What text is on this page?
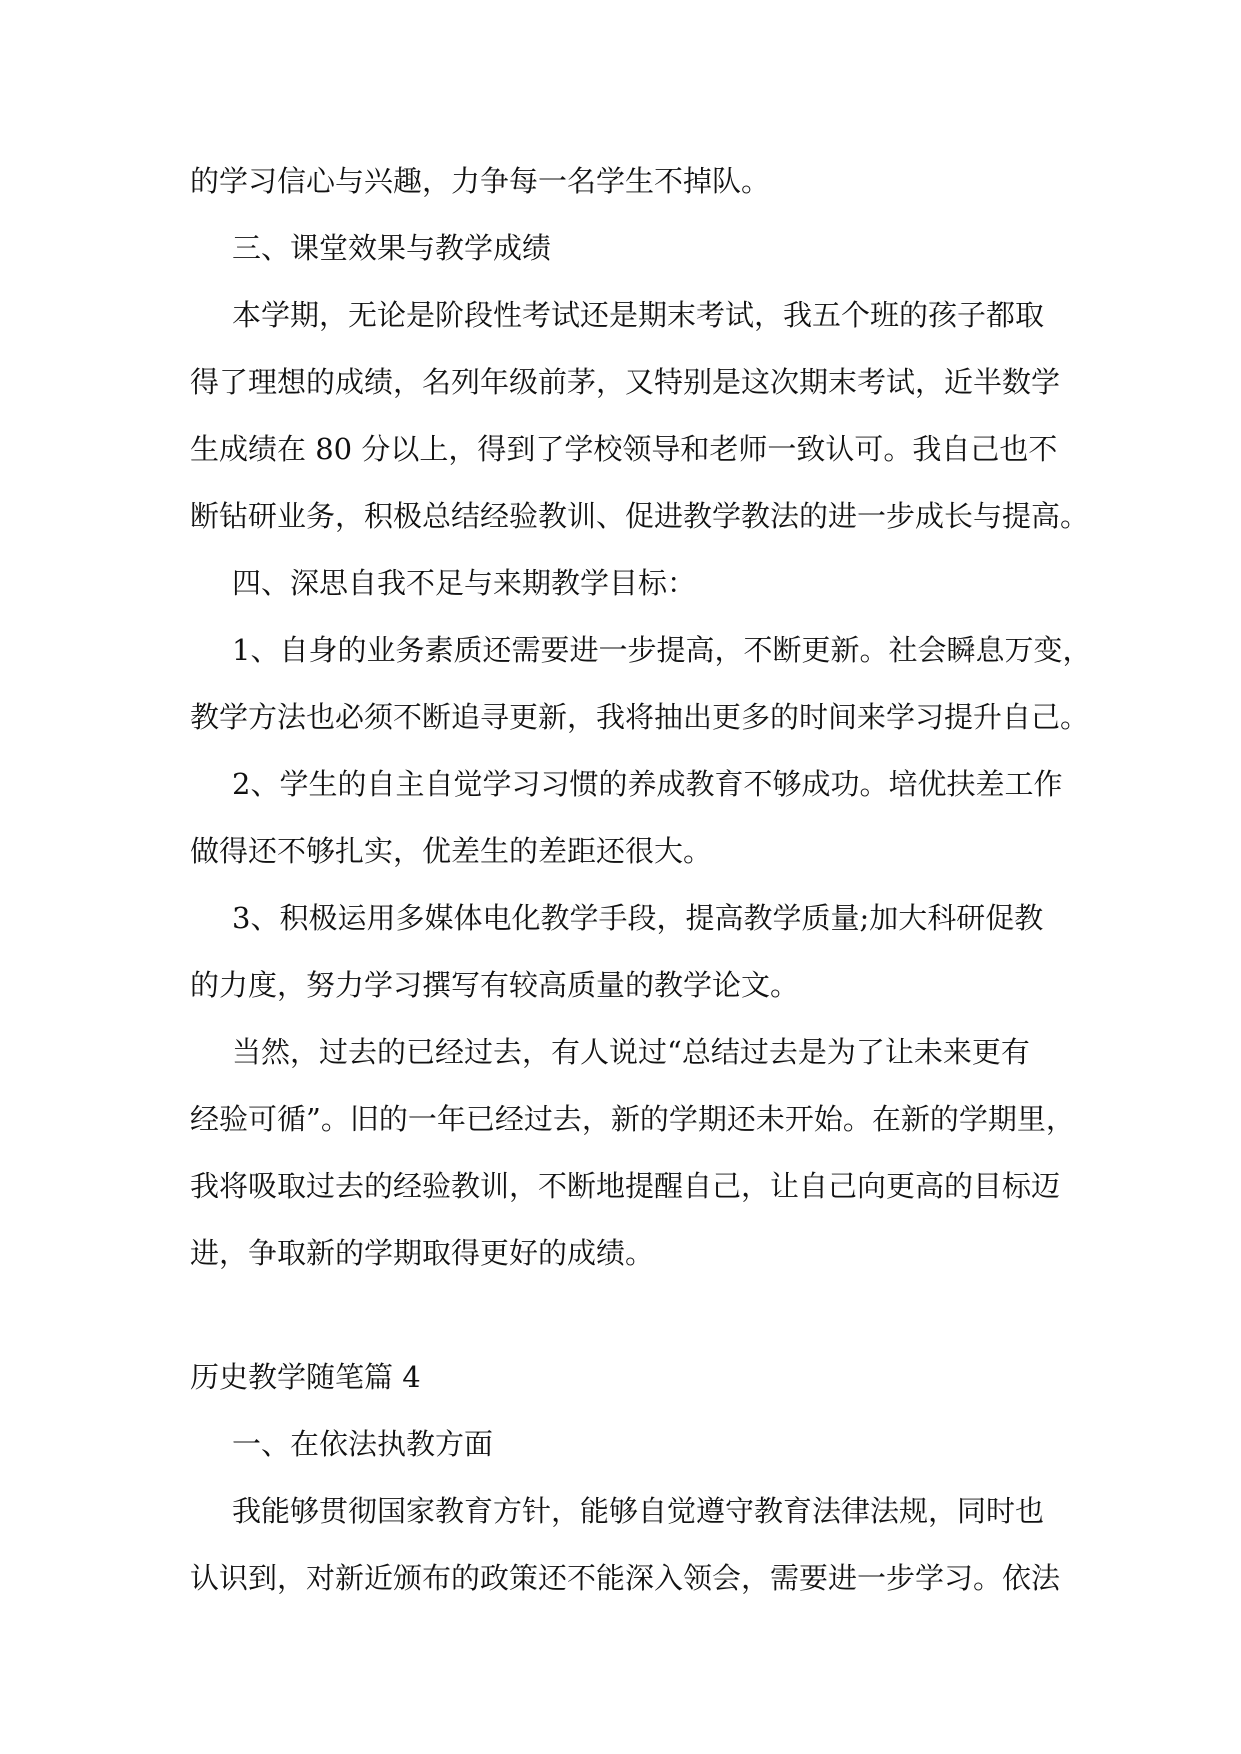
的学习信心与兴趣，力争每一名学生不掉队。
三、课堂效果与教学成绩
本学期，无论是阶段性考试还是期末考试，我五个班的孩子都取
得了理想的成绩，名列年级前茅，又特别是这次期末考试，近半数学
生成绩在 80 分以上，得到了学校领导和老师一致认可。我自己也不
断钻研业务，积极总结经验教训、促进教学教法的进一步成长与提高。
四、深思自我不足与来期教学目标：
1、自身的业务素质还需要进一步提高，不断更新。社会瞬息万变，
教学方法也必须不断追寻更新，我将抽出更多的时间来学习提升自己。
2、学生的自主自觉学习习惯的养成教育不够成功。培优扶差工作
做得还不够扎实，优差生的差距还很大。
3、积极运用多媒体电化教学手段，提高教学质量;加大科研促教
的力度，努力学习撰写有较高质量的教学论文。
当然，过去的已经过去，有人说过“总结过去是为了让未来更有
经验可循”。旧的一年已经过去，新的学期还未开始。在新的学期里，
我将吸取过去的经验教训，不断地提醒自己，让自己向更高的目标迈
进，争取新的学期取得更好的成绩。
历史教学随笔篇 4
一、在依法执教方面
我能够贯彻国家教育方针，能够自觉遵守教育法律法规，同时也
认识到，对新近颁布的政策还不能深入领会，需要进一步学习。依法
